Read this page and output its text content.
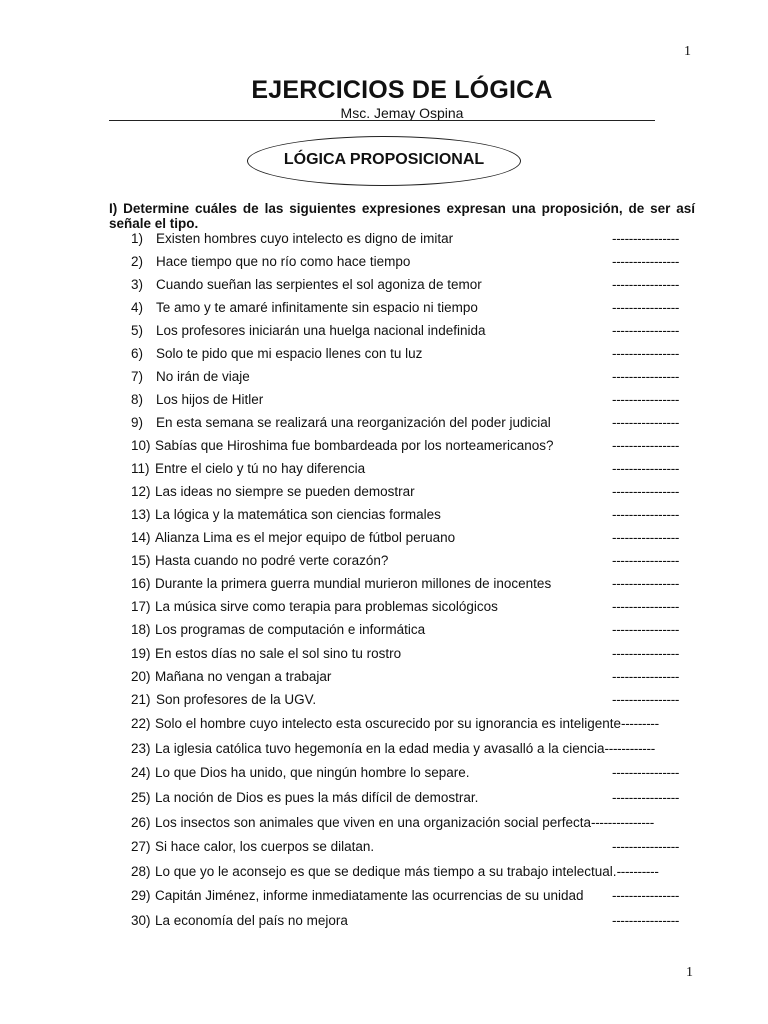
1
EJERCICIOS DE LÓGICA
Msc. Jemay Ospina
LÓGICA PROPOSICIONAL
I) Determine cuáles de las siguientes expresiones expresan una proposición, de ser así señale el tipo.
1) Existen hombres cuyo intelecto es digno de imitar	----------------
2) Hace tiempo que no río como hace tiempo	----------------
3) Cuando sueñan las serpientes el sol agoniza de temor	----------------
4) Te amo y te amaré infinitamente sin espacio ni tiempo	----------------
5) Los profesores iniciarán una huelga nacional indefinida	----------------
6) Solo te pido que mi espacio llenes con tu luz	----------------
7) No irán de viaje	----------------
8) Los hijos de Hitler	----------------
9) En esta semana se realizará una reorganización del poder judicial	----------------
10) Sabías que Hiroshima fue bombardeada por los norteamericanos?	----------------
11) Entre el cielo y tú no hay diferencia	----------------
12) Las ideas no siempre se pueden demostrar	----------------
13) La lógica y la matemática son ciencias formales	----------------
14) Alianza Lima es el mejor equipo de fútbol peruano	----------------
15) Hasta cuando no podré verte corazón?	----------------
16) Durante la primera guerra mundial murieron millones de inocentes	----------------
17) La música sirve como terapia para problemas sicológicos	----------------
18) Los programas de computación e informática	----------------
19) En estos días no sale el sol sino tu rostro	----------------
20) Mañana no vengan a trabajar	----------------
21) Son profesores de la UGV.	----------------
22) Solo el hombre cuyo intelecto esta oscurecido por su ignorancia es inteligente---------
23) La iglesia católica tuvo hegemonía en la edad media y avasalló a la ciencia------------
24) Lo que Dios ha unido, que ningún hombre lo separe.	----------------
25) La noción de Dios es pues la más difícil de demostrar.	----------------
26) Los insectos son animales que viven en una organización social perfecta---------------
27) Si hace calor, los cuerpos se dilatan.	----------------
28) Lo que yo le aconsejo es que se dedique más tiempo a su trabajo intelectual.----------
29) Capitán Jiménez, informe inmediatamente las ocurrencias de su unidad ----------------
30) La economía del país no mejora	----------------
1
